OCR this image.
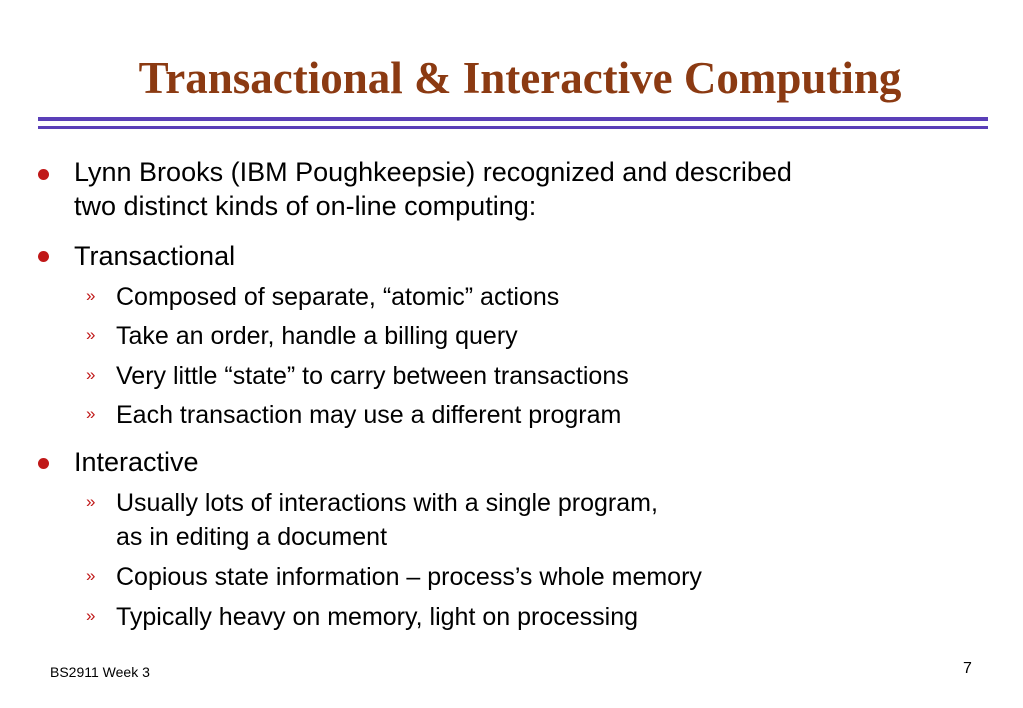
Transactional & Interactive Computing
Lynn Brooks (IBM Poughkeepsie) recognized and described
two distinct kinds of on-line computing:
Transactional
» Composed of separate, “atomic” actions
» Take an order, handle a billing query
» Very little “state” to carry between transactions
» Each transaction may use a different program
Interactive
» Usually lots of interactions with a single program,
as in editing a document
» Copious state information – process’s whole memory
» Typically heavy on memory, light on processing
BS2911 Week 3	7
